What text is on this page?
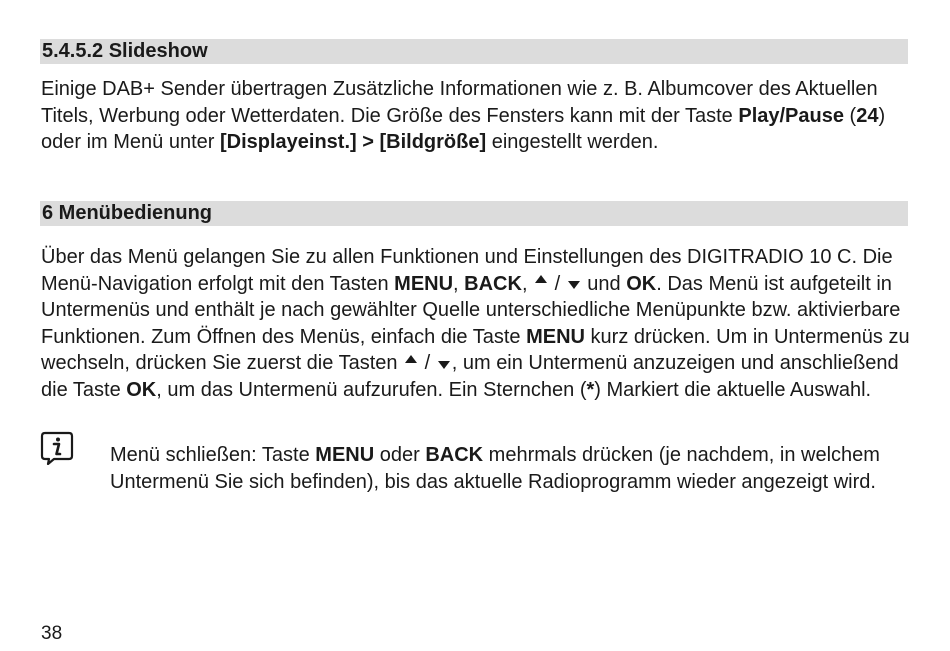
5.4.5.2 Slideshow

Einige DAB+ Sender übertragen Zusätzliche Informationen wie z. B. Albumcover des Aktuellen Titels, Werbung oder Wetterdaten. Die Größe des Fensters kann mit der Taste Play/Pause (24) oder im Menü unter [Displayeinst.] > [Bildgröße] eingestellt werden.

6 Menübedienung

Über das Menü gelangen Sie zu allen Funktionen und Einstellungen des DIGITRADIO 10 C. Die Menü-Navigation erfolgt mit den Tasten MENU, BACK,  /  und OK. Das Menü ist aufgeteilt in Untermenüs und enthält je nach gewählter Quelle unterschiedliche Menüpunkte bzw. aktivierbare Funktionen. Zum Öffnen des Menüs, einfach die Taste MENU kurz drücken. Um in Untermenüs zu wechseln, drücken Sie zuerst die Tasten  / , um ein Untermenü anzuzeigen und anschließend die Taste OK, um das Untermenü aufzurufen. Ein Sternchen (*) Markiert die aktuelle Auswahl.

Menü schließen: Taste MENU oder BACK mehrmals drücken (je nachdem, in welchem Untermenü Sie sich befinden), bis das aktuelle Radioprogramm wieder angezeigt wird.

38
